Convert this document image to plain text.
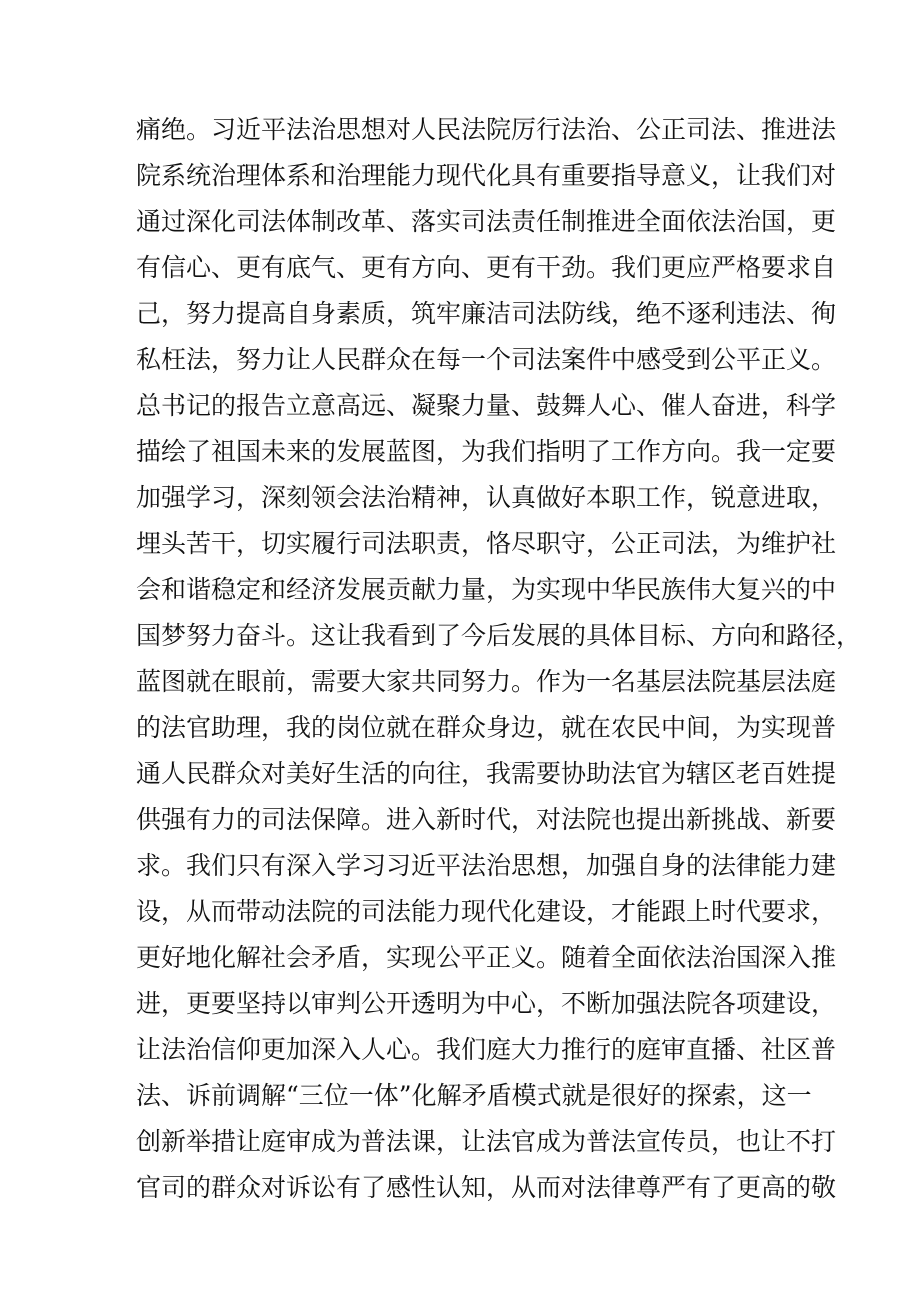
痛绝。习近平法治思想对人民法院厉行法治、公正司法、推进法
院系统治理体系和治理能力现代化具有重要指导意义，让我们对
通过深化司法体制改革、落实司法责任制推进全面依法治国，更
有信心、更有底气、更有方向、更有干劲。我们更应严格要求自
己，努力提高自身素质，筑牢廉洁司法防线，绝不逐利违法、徇
私枉法，努力让人民群众在每一个司法案件中感受到公平正义。
总书记的报告立意高远、凝聚力量、鼓舞人心、催人奋进，科学
描绘了祖国未来的发展蓝图，为我们指明了工作方向。我一定要
加强学习，深刻领会法治精神，认真做好本职工作，锐意进取，
埋头苦干，切实履行司法职责，恪尽职守，公正司法，为维护社
会和谐稳定和经济发展贡献力量，为实现中华民族伟大复兴的中
国梦努力奋斗。这让我看到了今后发展的具体目标、方向和路径，
蓝图就在眼前，需要大家共同努力。作为一名基层法院基层法庭
的法官助理，我的岗位就在群众身边，就在农民中间，为实现普
通人民群众对美好生活的向往，我需要协助法官为辖区老百姓提
供强有力的司法保障。进入新时代，对法院也提出新挑战、新要
求。我们只有深入学习习近平法治思想，加强自身的法律能力建
设，从而带动法院的司法能力现代化建设，才能跟上时代要求，
更好地化解社会矛盾，实现公平正义。随着全面依法治国深入推
进，更要坚持以审判公开透明为中心，不断加强法院各项建设，
让法治信仰更加深入人心。我们庭大力推行的庭审直播、社区普
法、诉前调解“三位一体”化解矛盾模式就是很好的探索，这一
创新举措让庭审成为普法课，让法官成为普法宣传员，也让不打
官司的群众对诉讼有了感性认知，从而对法律尊严有了更高的敬
